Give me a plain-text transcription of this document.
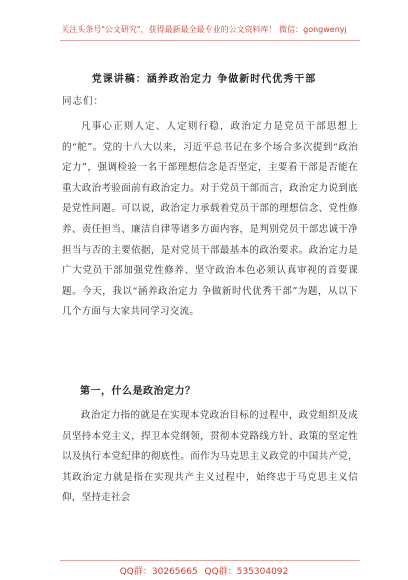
关注头条号"公文研究"，获得最新最全最专业的公文资料库！ 微信：gongwenyj
党课讲稿：涵养政治定力 争做新时代优秀干部
同志们：
凡事心正则人定、人定则行稳，政治定力是党员干部思想上的“舵”。党的十八大以来，习近平总书记在多个场合多次提到“政治定力”，强调检验一名干部理想信念是否坚定，主要看干部是否能在重大政治考验面前有政治定力。对于党员干部而言，政治定力说到底是党性问题。可以说，政治定力承载着党员干部的理想信念、党性修养、责任担当、廉洁自律等诸多方面内容，是判别党员干部忠诚干净担当与否的主要依据，是对党员干部最基本的政治要求。政治定力是广大党员干部加强党性修养、坚守政治本色必须认真审视的首要课题。今天，我以“涵养政治定力 争做新时代优秀干部”为题，从以下几个方面与大家共同学习交流。
第一，什么是政治定力？
政治定力指的就是在实现本党政治目标的过程中，政党组织及成员坚持本党主义，捍卫本党纲领，贯彻本党路线方针、政策的坚定性以及执行本党纪律的彻底性。而作为马克思主义政党的中国共产党，其政治定力就是指在实现共产主义过程中，始终忠于马克思主义信仰，坚持走社会
QQ群：30265665 QQ群：535304092
